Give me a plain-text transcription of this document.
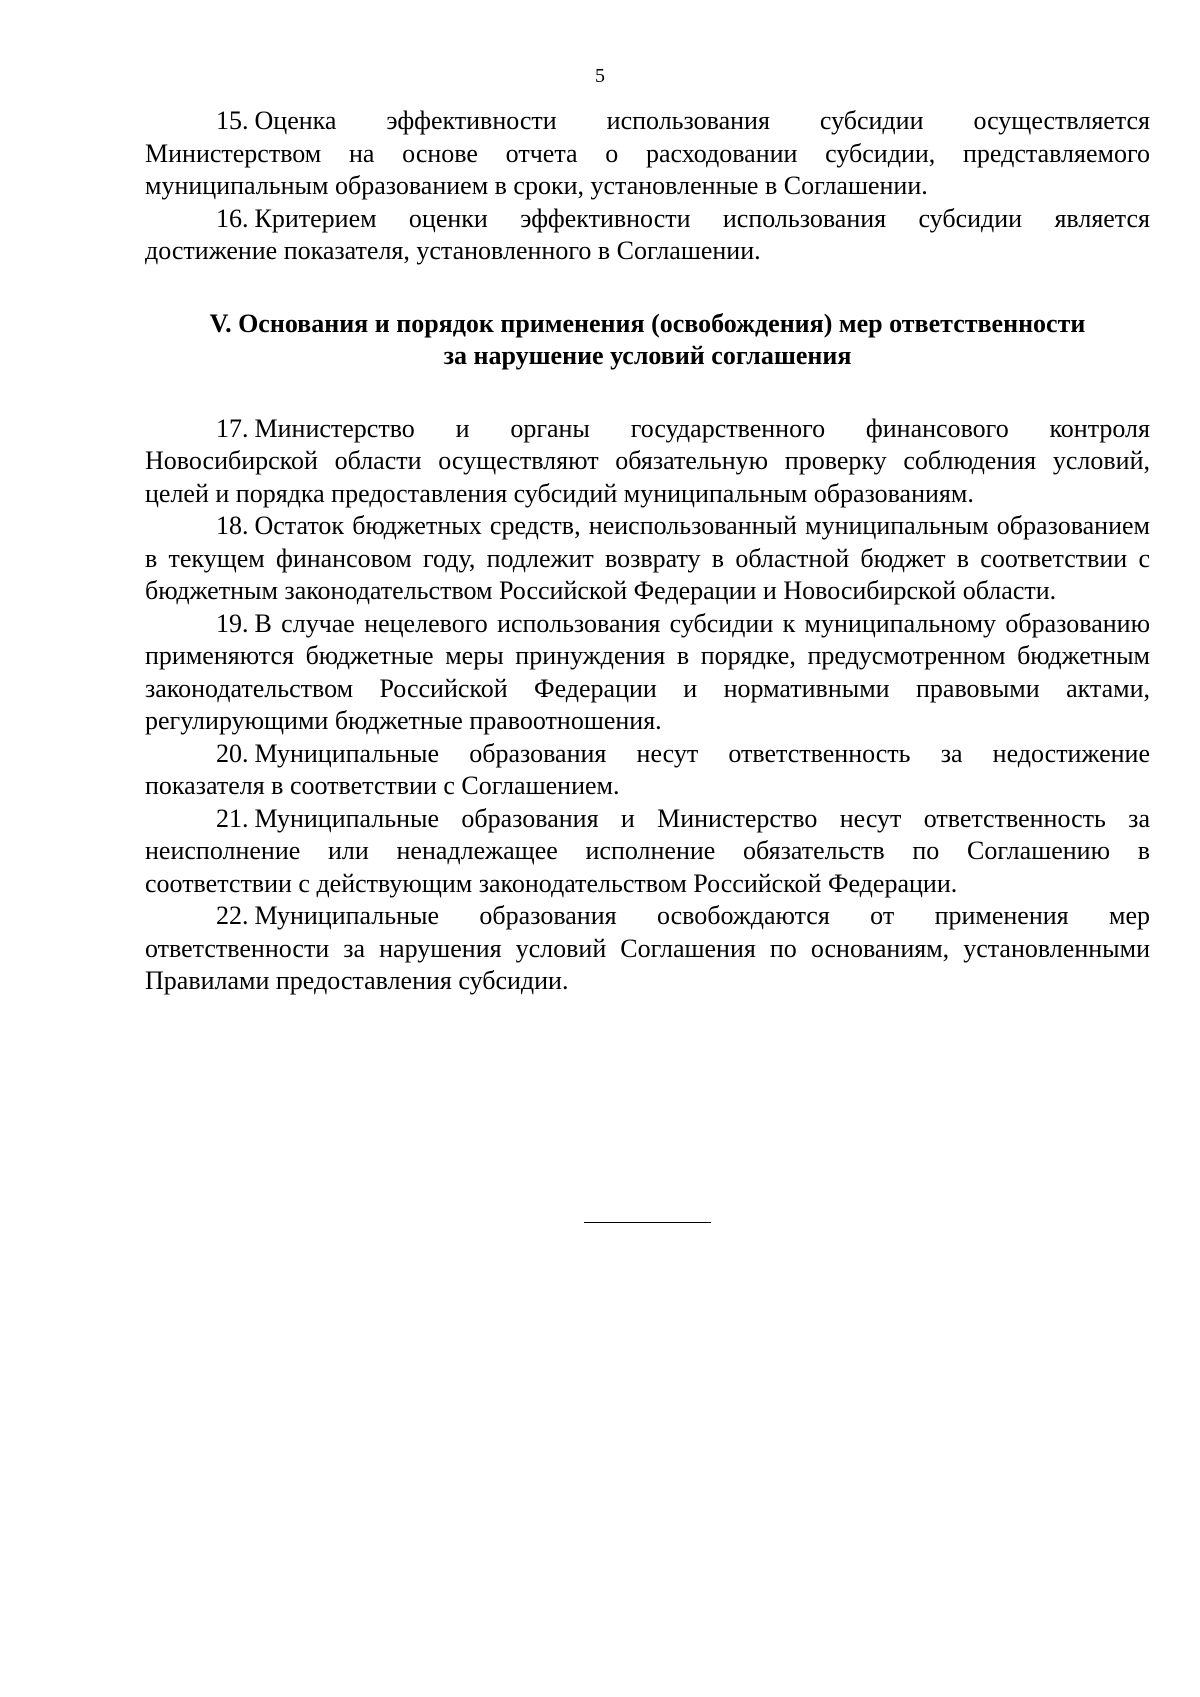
5

15. Оценка эффективности использования субсидии осуществляется Министерством на основе отчета о расходовании субсидии, представляемого муниципальным образованием в сроки, установленные в Соглашении.

16. Критерием оценки эффективности использования субсидии является достижение показателя, установленного в Соглашении.

V. Основания и порядок применения (освобождения) мер ответственности
за нарушение условий соглашения

17. Министерство и органы государственного финансового контроля Новосибирской области осуществляют обязательную проверку соблюдения условий, целей и порядка предоставления субсидий муниципальным образованиям.

18. Остаток бюджетных средств, неиспользованный муниципальным образованием в текущем финансовом году, подлежит возврату в областной бюджет в соответствии с бюджетным законодательством Российской Федерации и Новосибирской области.

19. В случае нецелевого использования субсидии к муниципальному образованию применяются бюджетные меры принуждения в порядке, предусмотренном бюджетным законодательством Российской Федерации и нормативными правовыми актами, регулирующими бюджетные правоотношения.

20. Муниципальные образования несут ответственность за недостижение показателя в соответствии с Соглашением.

21. Муниципальные образования и Министерство несут ответственность за неисполнение или ненадлежащее исполнение обязательств по Соглашению в соответствии с действующим законодательством Российской Федерации.

22. Муниципальные образования освобождаются от применения мер ответственности за нарушения условий Соглашения по основаниям, установленными Правилами предоставления субсидии.
